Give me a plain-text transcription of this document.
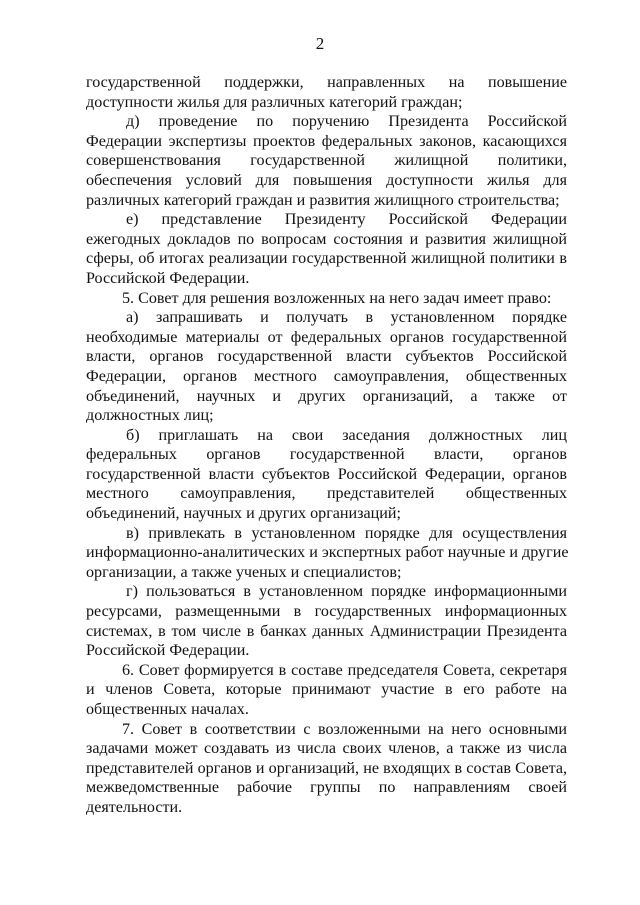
2
государственной поддержки, направленных на повышение
доступности жилья для различных категорий граждан;
д) проведение по поручению Президента Российской
Федерации экспертизы проектов федеральных законов, касающихся
совершенствования государственной жилищной политики,
обеспечения условий для повышения доступности жилья для
различных категорий граждан и развития жилищного строительства;
е) представление Президенту Российской Федерации
ежегодных докладов по вопросам состояния и развития жилищной
сферы, об итогах реализации государственной жилищной политики в
Российской Федерации.
5. Совет для решения возложенных на него задач имеет право:
а) запрашивать и получать в установленном порядке
необходимые материалы от федеральных органов государственной
власти, органов государственной власти субъектов Российской
Федерации, органов местного самоуправления, общественных
объединений, научных и других организаций, а также от
должностных лиц;
б) приглашать на свои заседания должностных лиц
федеральных органов государственной власти, органов
государственной власти субъектов Российской Федерации, органов
местного самоуправления, представителей общественных
объединений, научных и других организаций;
в) привлекать в установленном порядке для осуществления
информационно-аналитических и экспертных работ научные и другие
организации, а также ученых и специалистов;
г) пользоваться в установленном порядке информационными
ресурсами, размещенными в государственных информационных
системах, в том числе в банках данных Администрации Президента
Российской Федерации.
6. Совет формируется в составе председателя Совета, секретаря
и членов Совета, которые принимают участие в его работе на
общественных началах.
7. Совет в соответствии с возложенными на него основными
задачами может создавать из числа своих членов, а также из числа
представителей органов и организаций, не входящих в состав Совета,
межведомственные рабочие группы по направлениям своей
деятельности.
